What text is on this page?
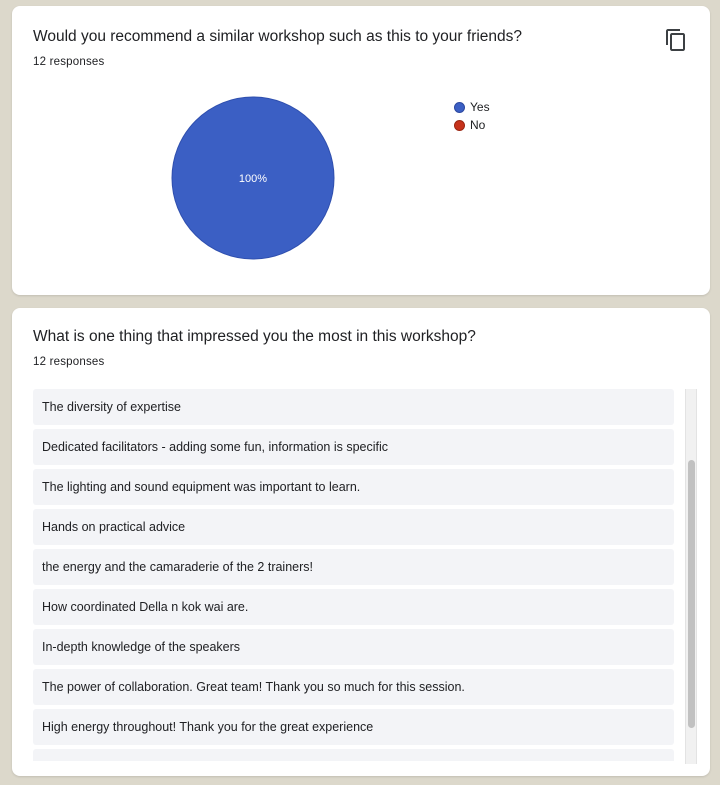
Would you recommend a similar workshop such as this to your friends?
12 responses
100%
Yes
No
What is one thing that impressed you the most in this workshop?
12 responses
The diversity of expertise
Dedicated facilitators - adding some fun, information is specific
The lighting and sound equipment was important to learn.
Hands on practical advice
the energy and the camaraderie of the 2 trainers!
How coordinated Della n kok wai are.
In-depth knowledge of the speakers
The power of collaboration. Great team! Thank you so much for this session.
High energy throughout! Thank you for the great experience
